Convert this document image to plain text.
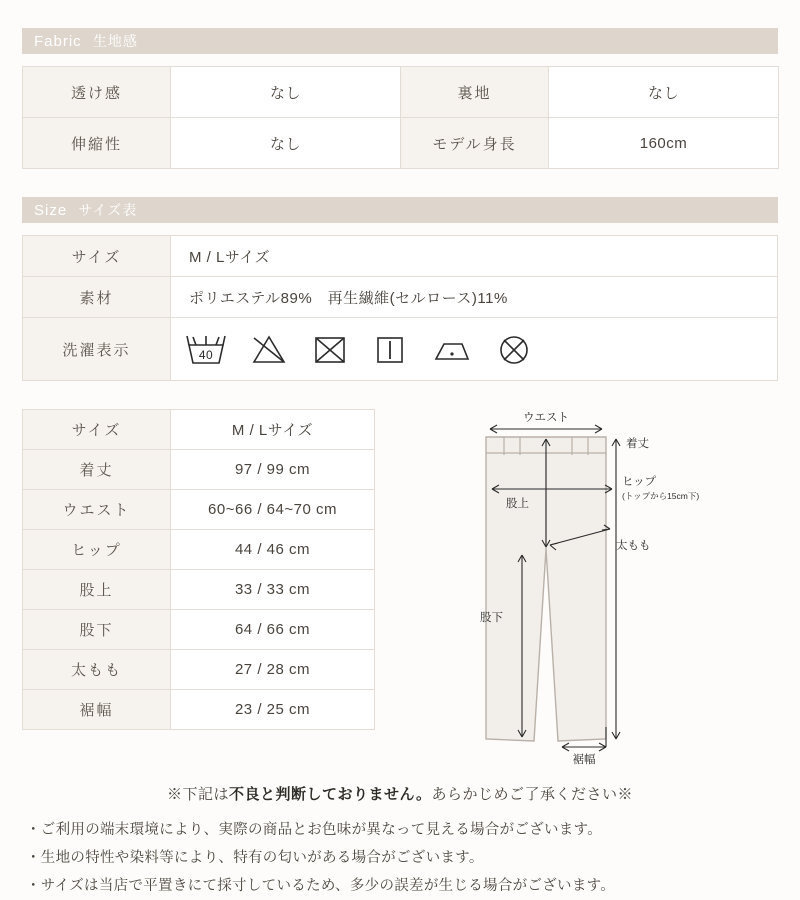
Fabric 生地感
透け感	なし	裏地	なし
伸縮性	なし	モデル身長	160cm
Size サイズ表
サイズ	M / Lサイズ
素材	ポリエステル89%　再生繊維(セルロース)11%
洗濯表示	40
サイズ	M / Lサイズ
着丈	97 / 99 cm
ウエスト	60~66 / 64~70 cm
ヒップ	44 / 46 cm
股上	33 / 33 cm
股下	64 / 66 cm
太もも	27 / 28 cm
裾幅	23 / 25 cm
ウエスト
着丈
ヒップ
(トップから15cm下)
股上
太もも
股下
裾幅
※下記は不良と判断しておりません。あらかじめご了承ください※
・ご利用の端末環境により、実際の商品とお色味が異なって見える場合がございます。
・生地の特性や染料等により、特有の匂いがある場合がございます。
・サイズは当店で平置きにて採寸しているため、多少の誤差が生じる場合がございます。
